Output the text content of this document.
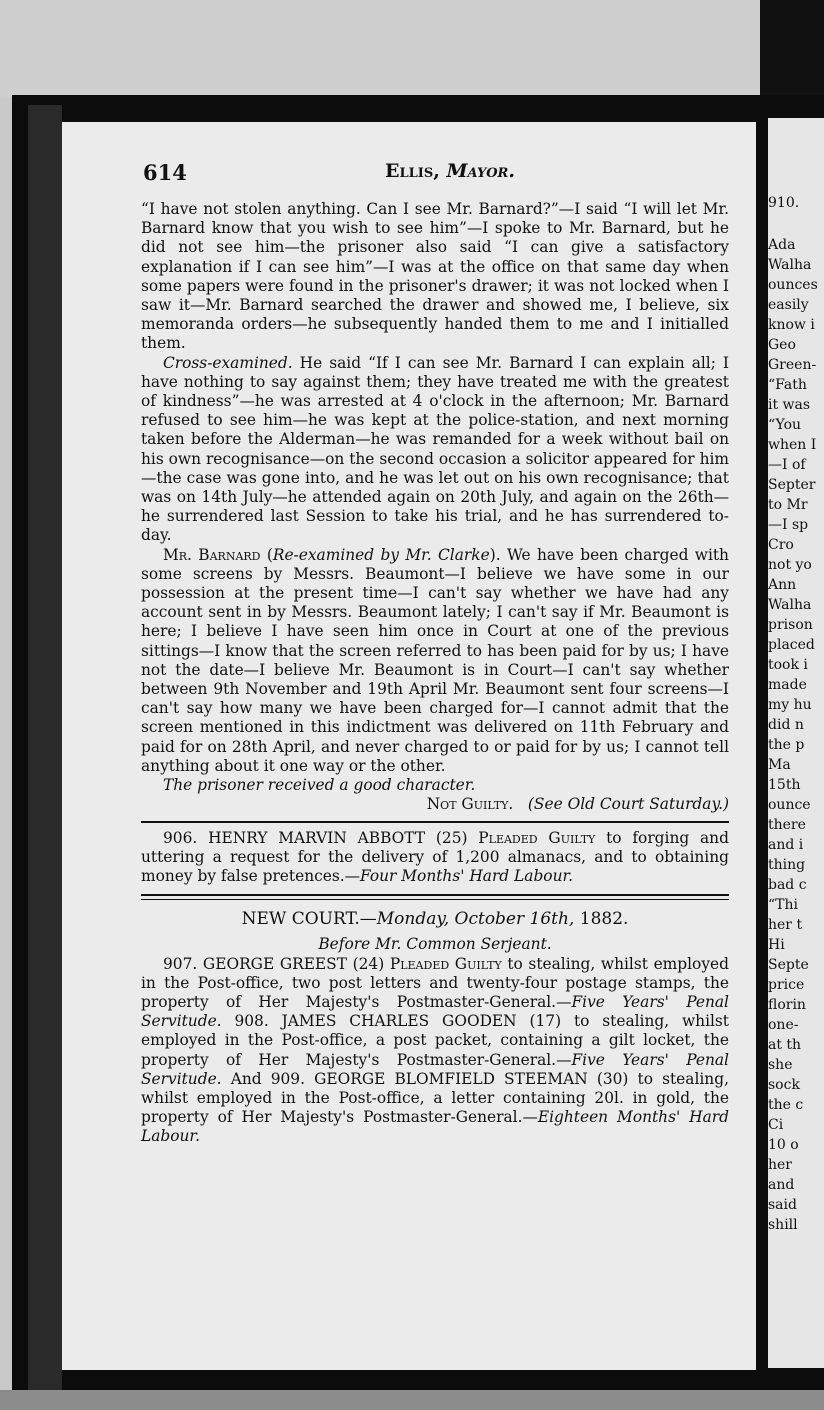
910.
Ada
Walha
ounces
easily
know i
Geo
Green-
“Fath
it was
“You
when I
—I of
Septer
to Mr
—I sp
Cro
not yo
Ann
Walha
prison
placed
took i
made
my hu
did n
the p
Ma
15th
ounce
there
and i
thing
bad c
“Thi
her t
Hi
Septe
price
florin
one-
at th
she
sock
the c
Ci
10 o
her
and
said
shill
614	Ellis, Mayor.

“I have not stolen anything. Can I see Mr. Barnard?”—I said “I will let Mr. Barnard know that you wish to see him”—I spoke to Mr. Barnard, but he did not see him—the prisoner also said “I can give a satisfactory explanation if I can see him”—I was at the office on that same day when some papers were found in the prisoner's drawer; it was not locked when I saw it—Mr. Barnard searched the drawer and showed me, I believe, six memoranda orders—he subsequently handed them to me and I initialled them.

Cross-examined. He said “If I can see Mr. Barnard I can explain all; I have nothing to say against them; they have treated me with the greatest of kindness”—he was arrested at 4 o'clock in the afternoon; Mr. Barnard refused to see him—he was kept at the police-station, and next morning taken before the Alderman—he was remanded for a week without bail on his own recognisance—on the second occasion a solicitor appeared for him—the case was gone into, and he was let out on his own recognisance; that was on 14th July—he attended again on 20th July, and again on the 26th—he surrendered last Session to take his trial, and he has surrendered to-day.

Mr. Barnard (Re-examined by Mr. Clarke). We have been charged with some screens by Messrs. Beaumont—I believe we have some in our possession at the present time—I can't say whether we have had any account sent in by Messrs. Beaumont lately; I can't say if Mr. Beaumont is here; I believe I have seen him once in Court at one of the previous sittings—I know that the screen referred to has been paid for by us; I have not the date—I believe Mr. Beaumont is in Court—I can't say whether between 9th November and 19th April Mr. Beaumont sent four screens—I can't say how many we have been charged for—I cannot admit that the screen mentioned in this indictment was delivered on 11th February and paid for on 28th April, and never charged to or paid for by us; I cannot tell anything about it one way or the other.

The prisoner received a good character.

Not Guilty. (See Old Court Saturday.)

906. HENRY MARVIN ABBOTT (25) Pleaded Guilty to forging and uttering a request for the delivery of 1,200 almanacs, and to obtaining money by false pretences.—Four Months' Hard Labour.

NEW COURT.—Monday, October 16th, 1882.

Before Mr. Common Serjeant.

907. GEORGE GREEST (24) Pleaded Guilty to stealing, whilst employed in the Post-office, two post letters and twenty-four postage stamps, the property of Her Majesty's Postmaster-General.—Five Years' Penal Servitude. 908. JAMES CHARLES GOODEN (17) to stealing, whilst employed in the Post-office, a post packet, containing a gilt locket, the property of Her Majesty's Postmaster-General.—Five Years' Penal Servitude. And 909. GEORGE BLOMFIELD STEEMAN (30) to stealing, whilst employed in the Post-office, a letter containing 20l. in gold, the property of Her Majesty's Postmaster-General.—Eighteen Months' Hard Labour.
